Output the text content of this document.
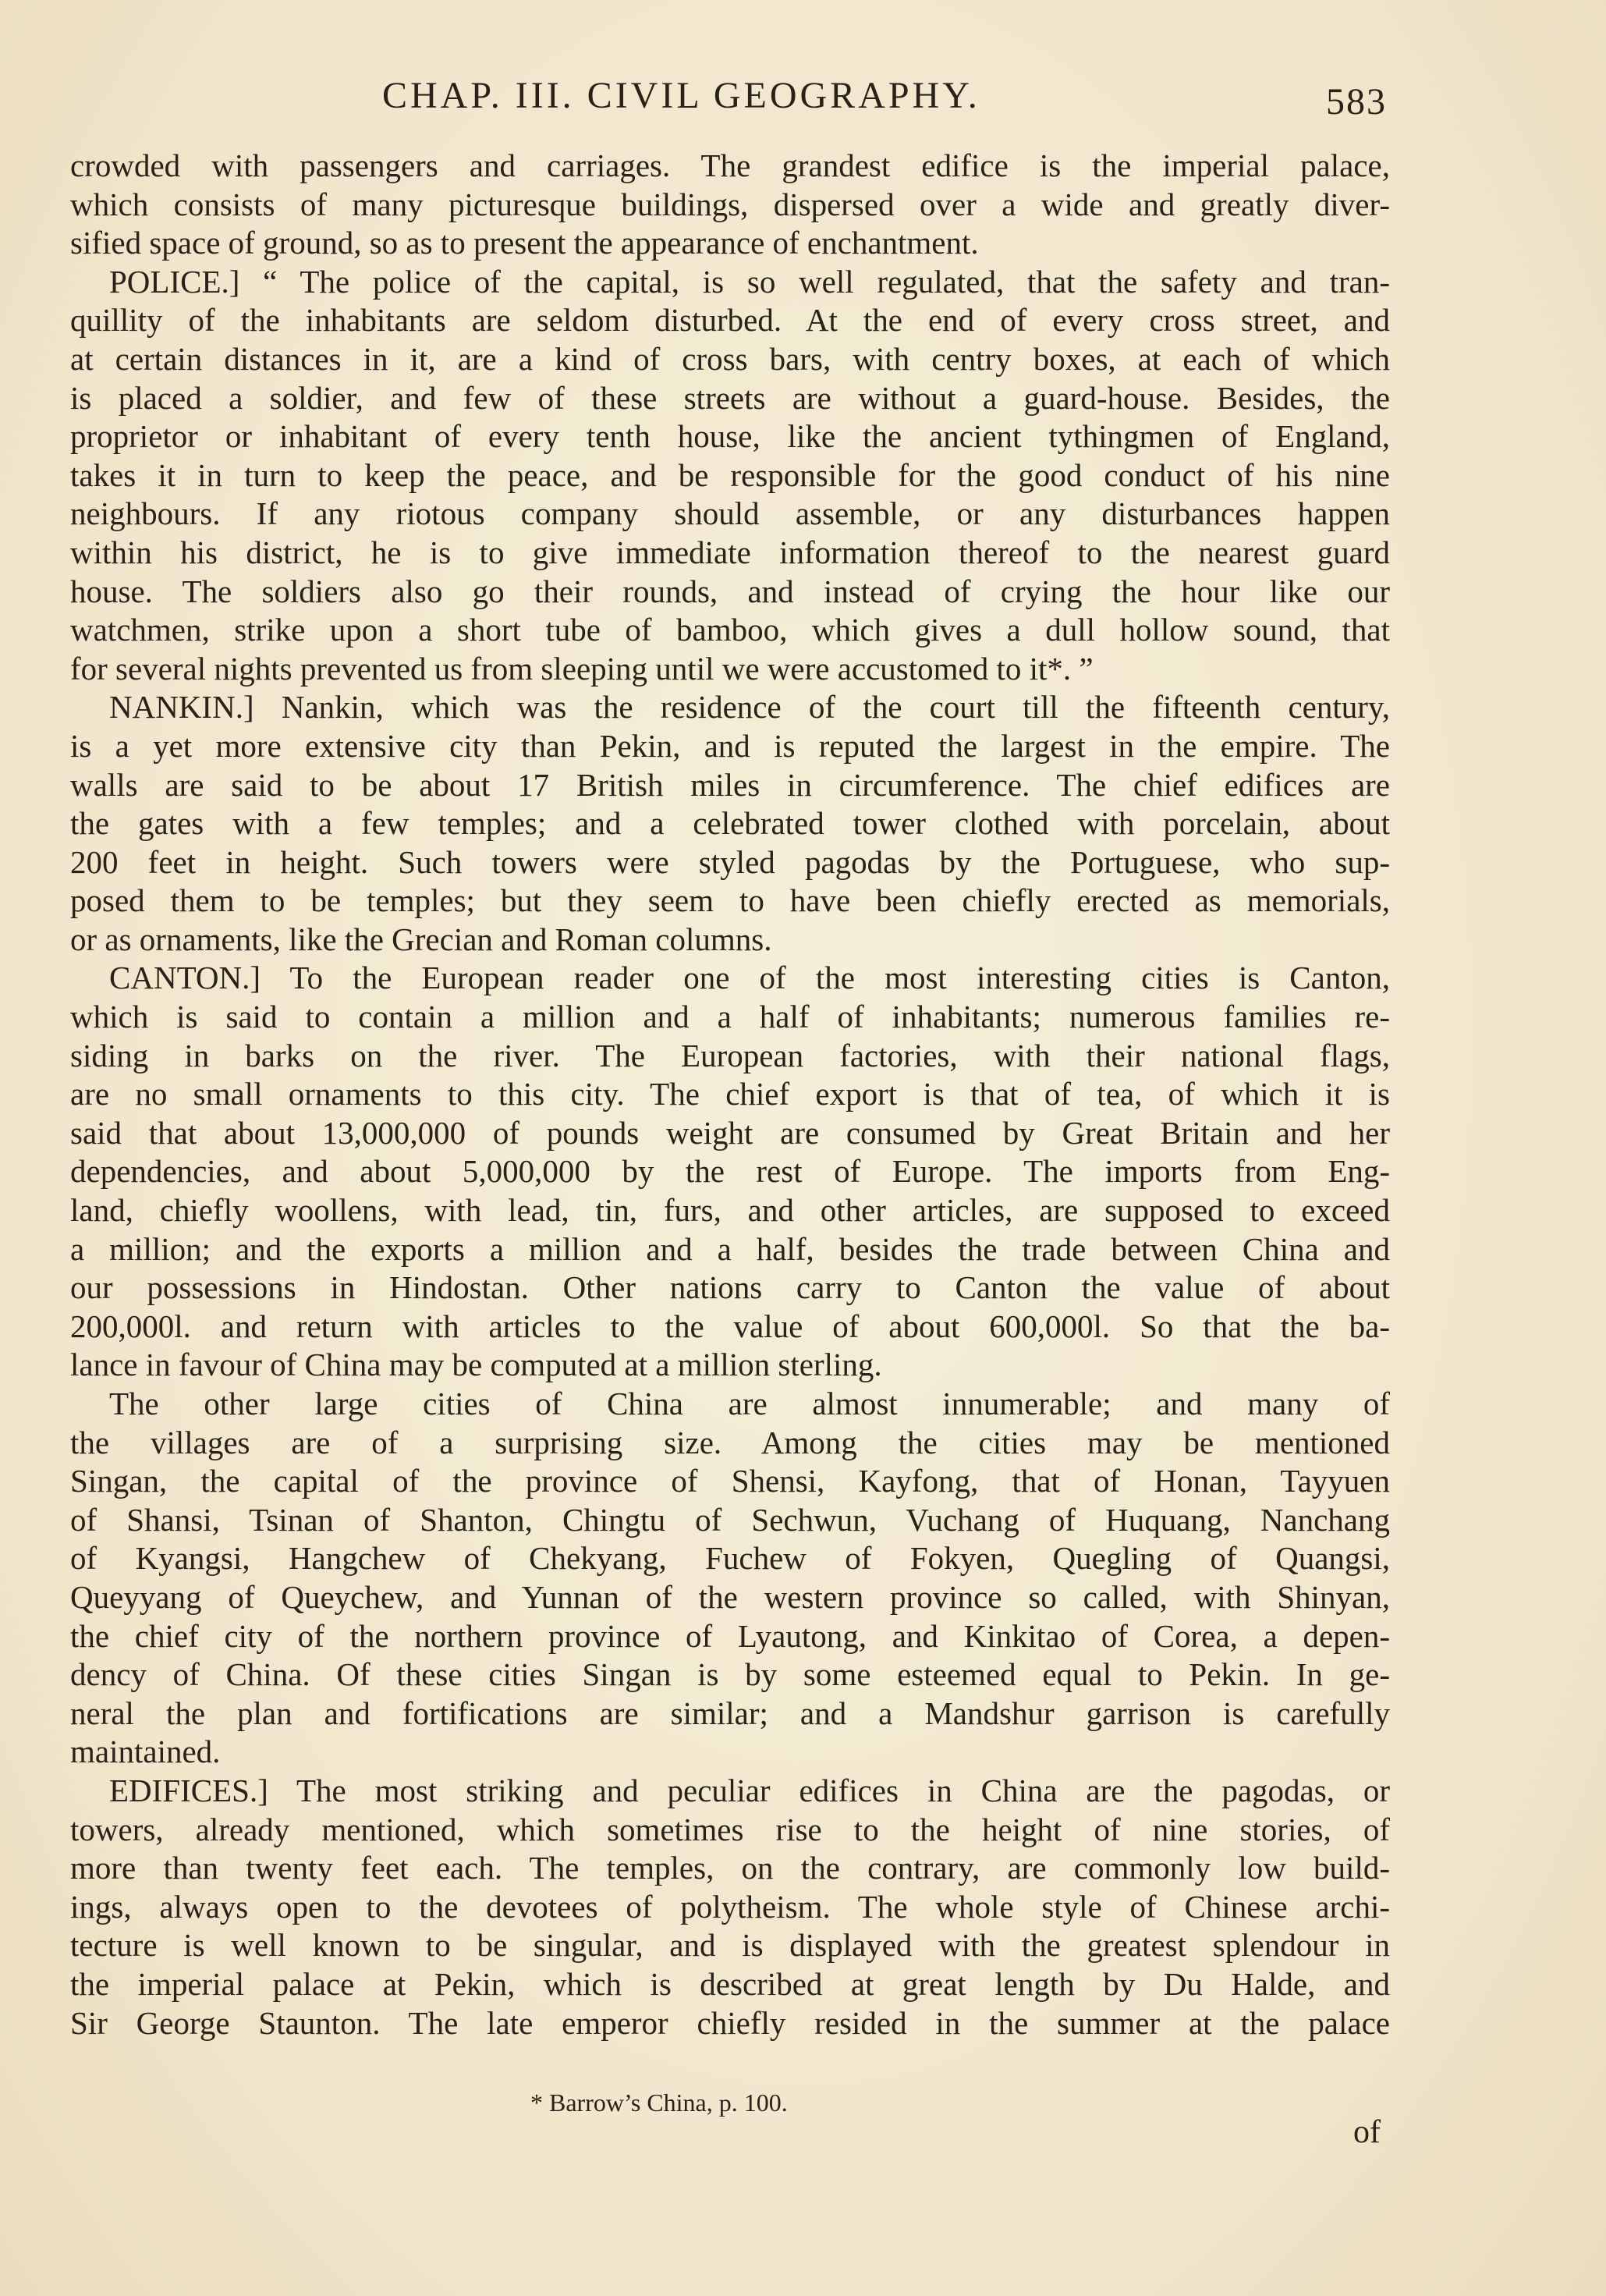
CHAP. III. CIVIL GEOGRAPHY.	583
crowded with passengers and carriages. The grandest edifice is the imperial palace,
which consists of many picturesque buildings, dispersed over a wide and greatly diver-
sified space of ground, so as to present the appearance of enchantment.
POLICE.] “ The police of the capital, is so well regulated, that the safety and tran-
quillity of the inhabitants are seldom disturbed. At the end of every cross street, and
at certain distances in it, are a kind of cross bars, with centry boxes, at each of which
is placed a soldier, and few of these streets are without a guard-house. Besides, the
proprietor or inhabitant of every tenth house, like the ancient tythingmen of England,
takes it in turn to keep the peace, and be responsible for the good conduct of his nine
neighbours. If any riotous company should assemble, or any disturbances happen
within his district, he is to give immediate information thereof to the nearest guard
house. The soldiers also go their rounds, and instead of crying the hour like our
watchmen, strike upon a short tube of bamboo, which gives a dull hollow sound, that
for several nights prevented us from sleeping until we were accustomed to it*. ”
NANKIN.] Nankin, which was the residence of the court till the fifteenth century,
is a yet more extensive city than Pekin, and is reputed the largest in the empire. The
walls are said to be about 17 British miles in circumference. The chief edifices are
the gates with a few temples; and a celebrated tower clothed with porcelain, about
200 feet in height. Such towers were styled pagodas by the Portuguese, who sup-
posed them to be temples; but they seem to have been chiefly erected as memorials,
or as ornaments, like the Grecian and Roman columns.
CANTON.] To the European reader one of the most interesting cities is Canton,
which is said to contain a million and a half of inhabitants; numerous families re-
siding in barks on the river. The European factories, with their national flags,
are no small ornaments to this city. The chief export is that of tea, of which it is
said that about 13,000,000 of pounds weight are consumed by Great Britain and her
dependencies, and about 5,000,000 by the rest of Europe. The imports from Eng-
land, chiefly woollens, with lead, tin, furs, and other articles, are supposed to exceed
a million; and the exports a million and a half, besides the trade between China and
our possessions in Hindostan. Other nations carry to Canton the value of about
200,000l. and return with articles to the value of about 600,000l. So that the ba-
lance in favour of China may be computed at a million sterling.
The other large cities of China are almost innumerable; and many of
the villages are of a surprising size. Among the cities may be mentioned
Singan, the capital of the province of Shensi, Kayfong, that of Honan, Tayyuen
of Shansi, Tsinan of Shanton, Chingtu of Sechwun, Vuchang of Huquang, Nanchang
of Kyangsi, Hangchew of Chekyang, Fuchew of Fokyen, Quegling of Quangsi,
Queyyang of Queychew, and Yunnan of the western province so called, with Shinyan,
the chief city of the northern province of Lyautong, and Kinkitao of Corea, a depen-
dency of China. Of these cities Singan is by some esteemed equal to Pekin. In ge-
neral the plan and fortifications are similar; and a Mandshur garrison is carefully
maintained.
EDIFICES.] The most striking and peculiar edifices in China are the pagodas, or
towers, already mentioned, which sometimes rise to the height of nine stories, of
more than twenty feet each. The temples, on the contrary, are commonly low build-
ings, always open to the devotees of polytheism. The whole style of Chinese archi-
tecture is well known to be singular, and is displayed with the greatest splendour in
the imperial palace at Pekin, which is described at great length by Du Halde, and
Sir George Staunton. The late emperor chiefly resided in the summer at the palace
* Barrow’s China, p. 100.
of
